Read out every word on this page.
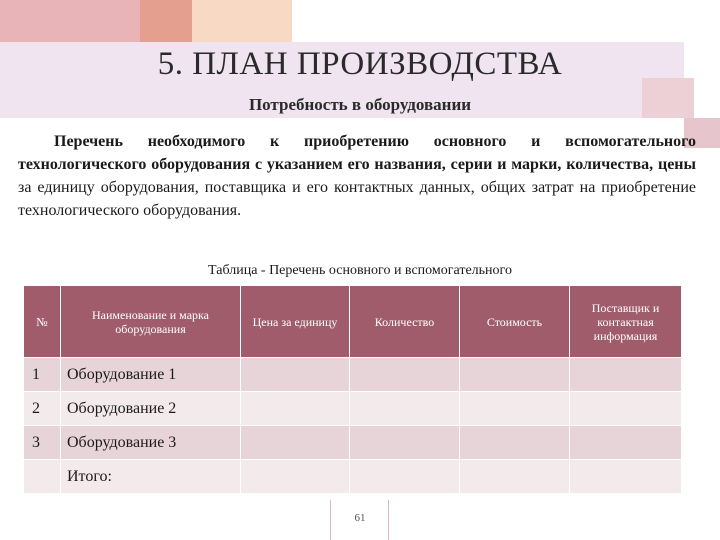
5. ПЛАН ПРОИЗВОДСТВА
Потребность в оборудовании
Перечень необходимого к приобретению основного и вспомогательного технологического оборудования с указанием его названия, серии и марки, количества, цены за единицу оборудования, поставщика и его контактных данных, общих затрат на приобретение технологического оборудования.
Таблица - Перечень основного и вспомогательного
№	Наименование и марка оборудования	Цена за единицу	Количество	Стоимость	Поставщик и контактная информация
1	Оборудование 1				
2	Оборудование 2				
3	Оборудование 3				
	Итого:				
61
